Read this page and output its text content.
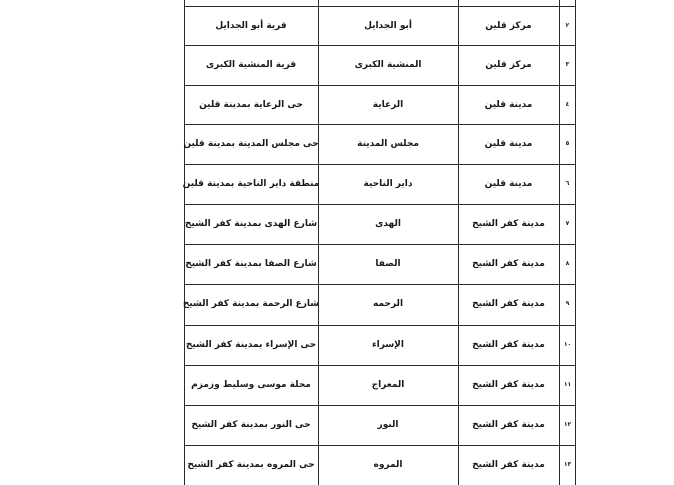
٢
مركز قلين
أبو الجدايل
قرية أبو الجدايل
٣
مركز قلين
المنشية الكبرى
قرية المنشية الكبرى
٤
مدينة قلين
الرعاية
حى الرعاية بمدينة قلين
٥
مدينة قلين
مجلس المدينة
حى مجلس المدينة بمدينة قلين
٦
مدينة قلين
داير الناحية
منطقة داير الناحية بمدينة قلين
٧
مدينة كفر الشيخ
الهدى
شارع الهدى بمدينة كفر الشيخ
٨
مدينة كفر الشيخ
الصفا
شارع الصفا بمدينة كفر الشيخ
٩
مدينة كفر الشيخ
الرحمه
شارع الرحمة بمدينة كفر الشيخ
١٠
مدينة كفر الشيخ
الإسراء
حى الإسراء بمدينة كفر الشيخ
١١
مدينة كفر الشيخ
المعراج
محلة موسى وسليط وزمزم
١٢
مدينة كفر الشيخ
النور
حى النور بمدينة كفر الشيخ
١٣
مدينة كفر الشيخ
المروه
حى المروه بمدينة كفر الشيخ
